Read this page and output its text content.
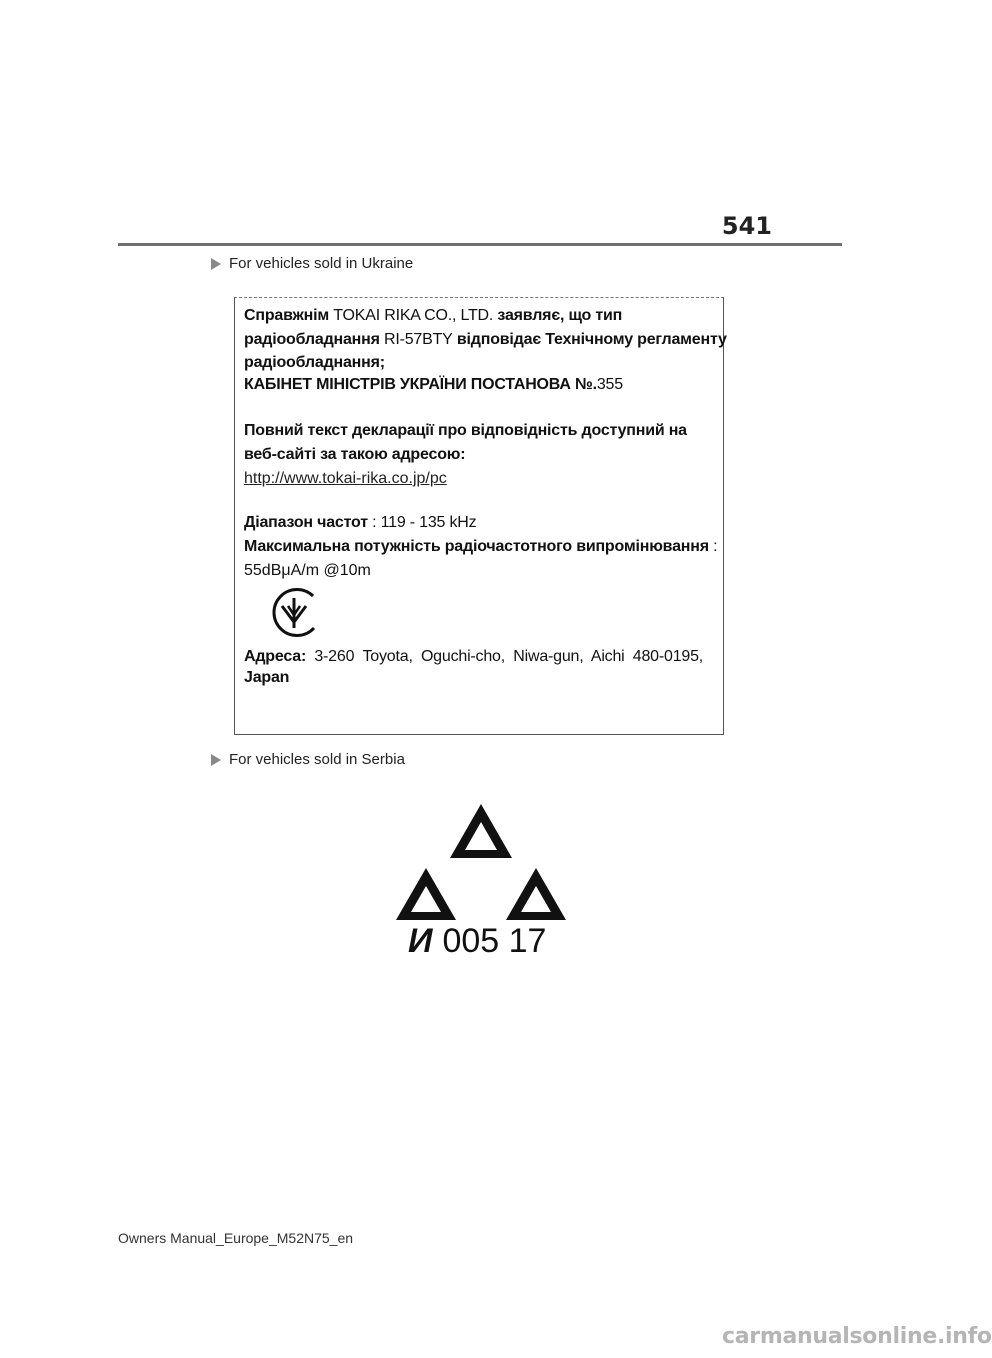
541
For vehicles sold in Ukraine
Справжнім TOKAI RIKA CO., LTD. заявляє, що тип
радіообладнання RI-57BTY відповідає Технічному регламенту
радіообладнання;
КАБІНЕТ МІНІСТРІВ УКРАЇНИ ПОСТАНОВА №.355
Повний текст декларації про відповідність доступний на
веб-сайті за такою адресою:
http://www.tokai-rika.co.jp/pc
Діапазон частот : 119 - 135 kHz
Максимальна потужність радіочастотного випромінювання :
55dBμA/m @10m
Адреса: 3-260 Toyota, Oguchi-cho, Niwa-gun, Aichi 480-0195,
Japan
For vehicles sold in Serbia
И 005 17
Owners Manual_Europe_M52N75_en
carmanualsonline.info
